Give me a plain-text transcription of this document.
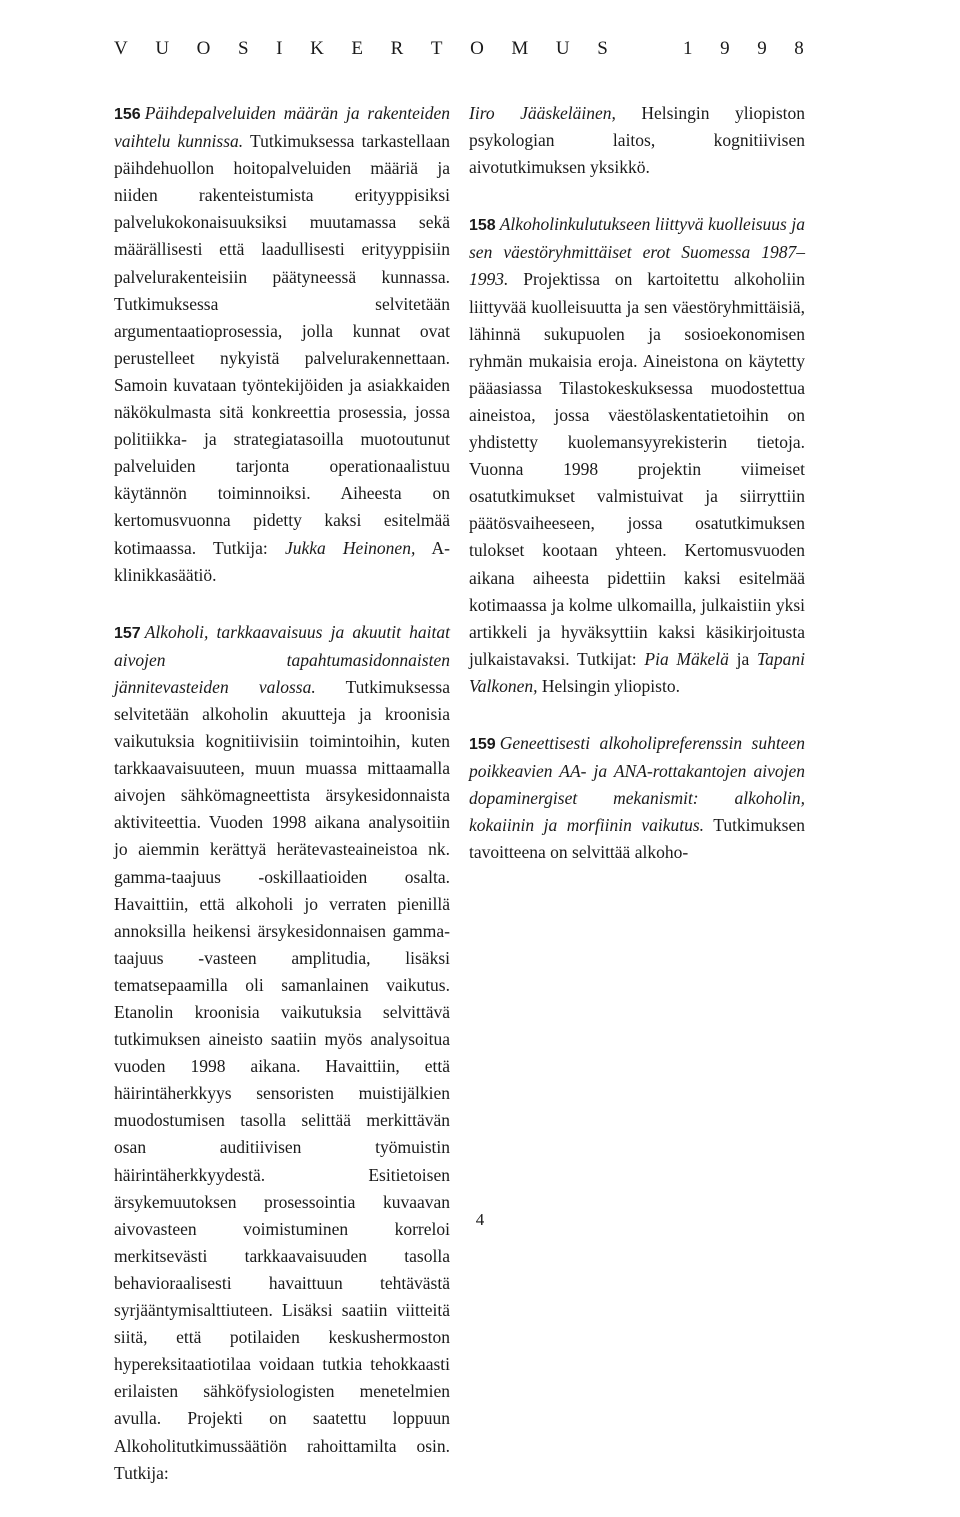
V U O S I K E R T O M U S	1 9 9 8

156 Päihdepalveluiden määrän ja rakenteiden vaihtelu kunnissa. Tutkimuksessa tarkastellaan päihdehuollon hoitopalveluiden määriä ja niiden rakenteistumista erityyppisiksi palvelukokonaisuuksiksi muutamassa sekä määrällisesti että laadullisesti erityyppisiin palvelurakenteisiin päätyneessä kunnassa. Tutkimuksessa selvitetään argumentaatioprosessia, jolla kunnat ovat perustelleet nykyistä palvelurakennettaan. Samoin kuvataan työntekijöiden ja asiakkaiden näkökulmasta sitä konkreettia prosessia, jossa politiikka- ja strategiatasoilla muotoutunut palveluiden tarjonta operationaalistuu käytännön toiminnoiksi. Aiheesta on kertomusvuonna pidetty kaksi esitelmää kotimaassa. Tutkija: Jukka Heinonen, A-klinikkasäätiö.

157 Alkoholi, tarkkaavaisuus ja akuutit haitat aivojen tapahtumasidonnaisten jännitevasteiden valossa. Tutkimuksessa selvitetään alkoholin akuutteja ja kroonisia vaikutuksia kognitiivisiin toimintoihin, kuten tarkkaavaisuuteen, muun muassa mittaamalla aivojen sähkömagneettista ärsykesidonnaista aktiviteettia. Vuoden 1998 aikana analysoitiin jo aiemmin kerättyä herätevasteaineistoa nk. gamma-taajuus -oskillaatioiden osalta. Havaittiin, että alkoholi jo verraten pienillä annoksilla heikensi ärsykesidonnaisen gamma-taajuus -vasteen amplitudia, lisäksi tematsepaamilla oli samanlainen vaikutus. Etanolin kroonisia vaikutuksia selvittävä tutkimuksen aineisto saatiin myös analysoitua vuoden 1998 aikana. Havaittiin, että häirintäherkkyys sensoristen muistijälkien muodostumisen tasolla selittää merkittävän osan auditiivisen työmuistin häirintäherkkyydestä. Esitietoisen ärsykemuutoksen prosessointia kuvaavan aivovasteen voimistuminen korreloi merkitsevästi tarkkaavaisuuden tasolla behavioraalisesti havaittuun tehtävästä syrjääntymisalttiuteen. Lisäksi saatiin viitteitä siitä, että potilaiden keskushermoston hypereksitaatiotilaa voidaan tutkia tehokkaasti erilaisten sähköfysiologisten menetelmien avulla. Projekti on saatettu loppuun Alkoholitutkimussäätiön rahoittamilta osin. Tutkija:

Iiro Jääskeläinen, Helsingin yliopiston psykologian laitos, kognitiivisen aivotutkimuksen yksikkö.

158 Alkoholinkulutukseen liittyvä kuolleisuus ja sen väestöryhmittäiset erot Suomessa 1987–1993. Projektissa on kartoitettu alkoholiin liittyvää kuolleisuutta ja sen väestöryhmittäisiä, lähinnä sukupuolen ja sosioekonomisen ryhmän mukaisia eroja. Aineistona on käytetty pääasiassa Tilastokeskuksessa muodostettua aineistoa, jossa väestölaskentatietoihin on yhdistetty kuolemansyyrekisterin tietoja. Vuonna 1998 projektin viimeiset osatutkimukset valmistuivat ja siirryttiin päätösvaiheeseen, jossa osatutkimuksen tulokset kootaan yhteen. Kertomusvuoden aikana aiheesta pidettiin kaksi esitelmää kotimaassa ja kolme ulkomailla, julkaistiin yksi artikkeli ja hyväksyttiin kaksi käsikirjoitusta julkaistavaksi. Tutkijat: Pia Mäkelä ja Tapani Valkonen, Helsingin yliopisto.

159 Geneettisesti alkoholipreferenssin suhteen poikkeavien AA- ja ANA-rottakantojen aivojen dopaminergiset mekanismit: alkoholin, kokaiinin ja morfiinin vaikutus. Tutkimuksen tavoitteena on selvittää alkoho-

4
